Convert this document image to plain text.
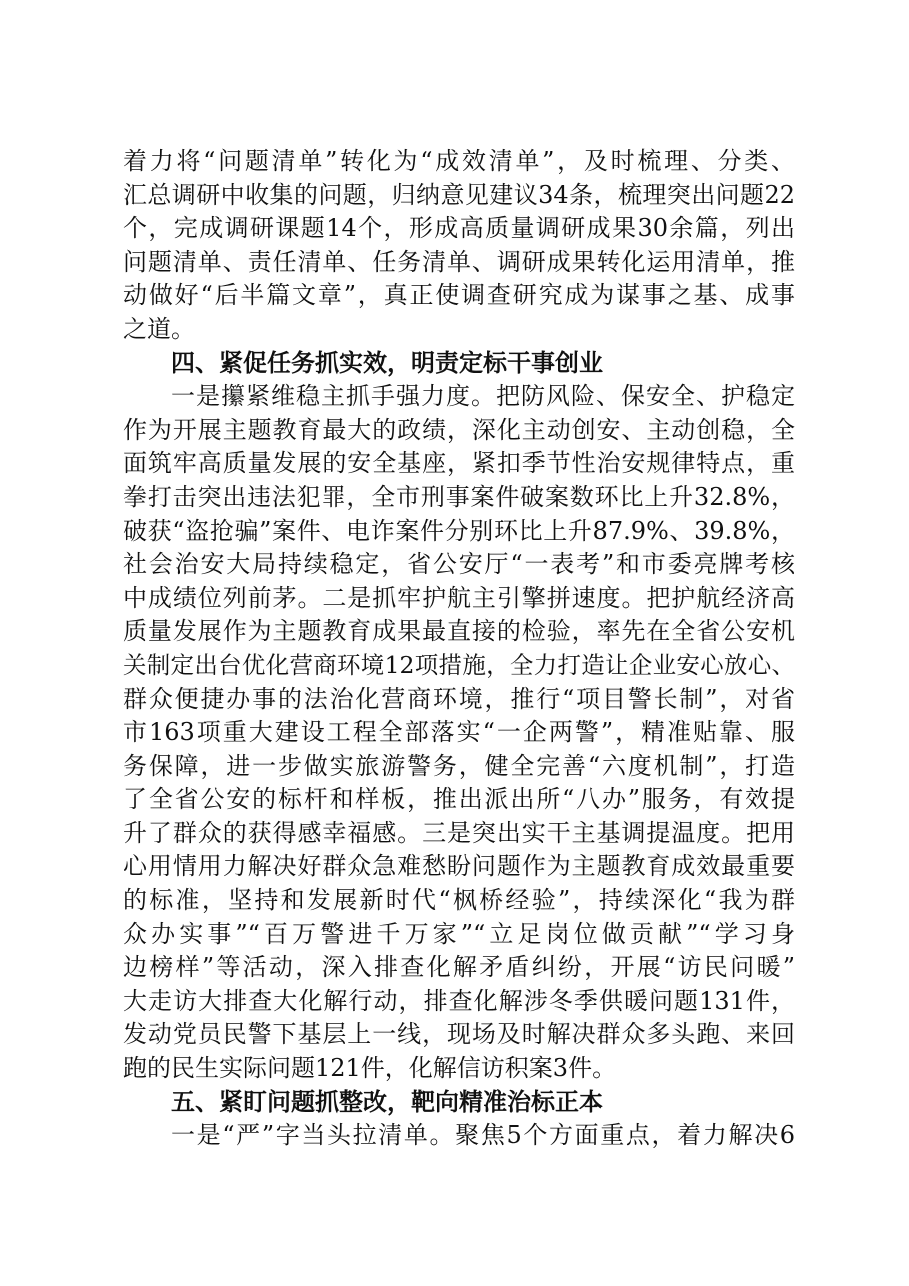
着力将“问题清单”转化为“成效清单”，及时梳理、分类、
汇总调研中收集的问题，归纳意见建议34条，梳理突出问题22
个，完成调研课题14个，形成高质量调研成果30余篇，列出
问题清单、责任清单、任务清单、调研成果转化运用清单，推
动做好“后半篇文章”，真正使调查研究成为谋事之基、成事
之道。
四、紧促任务抓实效，明责定标干事创业
一是攥紧维稳主抓手强力度。把防风险、保安全、护稳定
作为开展主题教育最大的政绩，深化主动创安、主动创稳，全
面筑牢高质量发展的安全基座，紧扣季节性治安规律特点，重
拳打击突出违法犯罪，全市刑事案件破案数环比上升32.8%，
破获“盗抢骗”案件、电诈案件分别环比上升87.9%、39.8%，
社会治安大局持续稳定，省公安厅“一表考”和市委亮牌考核
中成绩位列前茅。二是抓牢护航主引擎拼速度。把护航经济高
质量发展作为主题教育成果最直接的检验，率先在全省公安机
关制定出台优化营商环境12项措施，全力打造让企业安心放心、
群众便捷办事的法治化营商环境，推行“项目警长制”，对省
市163项重大建设工程全部落实“一企两警”，精准贴靠、服
务保障，进一步做实旅游警务，健全完善“六度机制”，打造
了全省公安的标杆和样板，推出派出所“八办”服务，有效提
升了群众的获得感幸福感。三是突出实干主基调提温度。把用
心用情用力解决好群众急难愁盼问题作为主题教育成效最重要
的标准，坚持和发展新时代“枫桥经验”，持续深化“我为群
众办实事”“百万警进千万家”“立足岗位做贡献”“学习身
边榜样”等活动，深入排查化解矛盾纠纷，开展“访民问暖”
大走访大排查大化解行动，排查化解涉冬季供暖问题131件，
发动党员民警下基层上一线，现场及时解决群众多头跑、来回
跑的民生实际问题121件，化解信访积案3件。
五、紧盯问题抓整改，靶向精准治标正本
一是“严”字当头拉清单。聚焦5个方面重点，着力解决6
